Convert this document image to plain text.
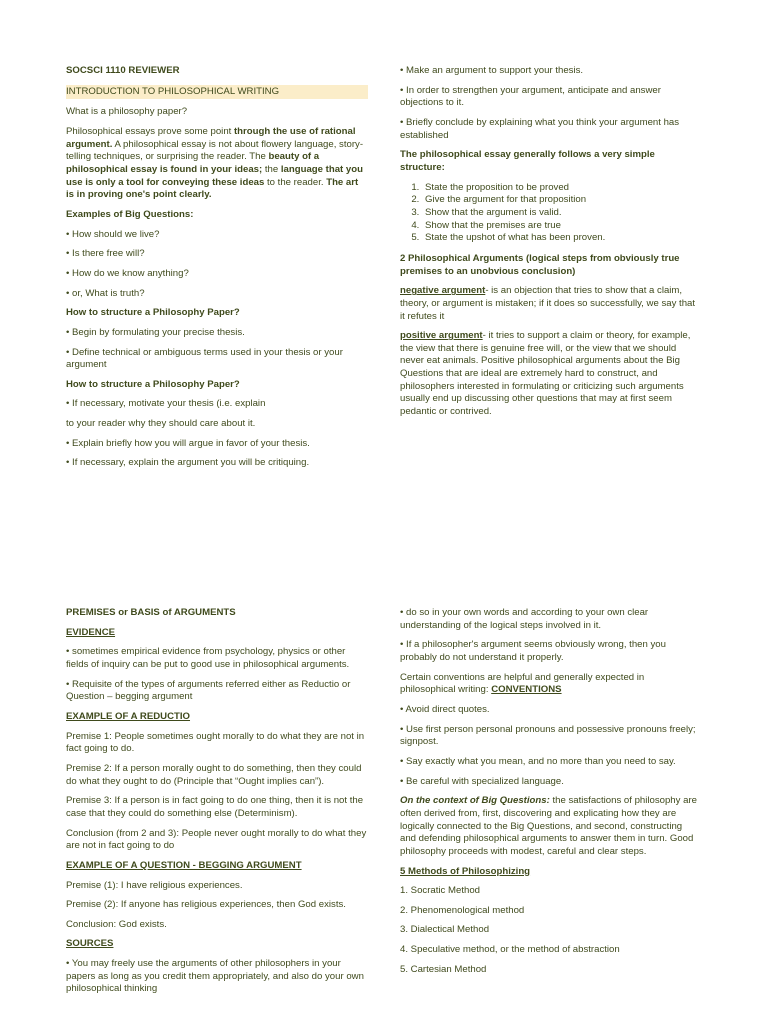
SOCSCI 1110 REVIEWER

INTRODUCTION TO PHILOSOPHICAL WRITING

What is a philosophy paper?

Philosophical essays prove some point through the use of rational argument. A philosophical essay is not about flowery language, story-telling techniques, or surprising the reader. The beauty of a philosophical essay is found in your ideas; the language that you use is only a tool for conveying these ideas to the reader. The art is in proving one's point clearly.

Examples of Big Questions:

• How should we live?

• Is there free will?

• How do we know anything?

• or, What is truth?

How to structure a Philosophy Paper?

• Begin by formulating your precise thesis.

• Define technical or ambiguous terms used in your thesis or your argument

How to structure a Philosophy Paper?

• If necessary, motivate your thesis (i.e. explain

to your reader why they should care about it.

• Explain briefly how you will argue in favor of your thesis.

• If necessary, explain the argument you will be critiquing.

• Make an argument to support your thesis.

• In order to strengthen your argument, anticipate and answer objections to it.

• Briefly conclude by explaining what you think your argument has established

The philosophical essay generally follows a very simple structure:

1. State the proposition to be proved
2. Give the argument for that proposition
3. Show that the argument is valid.
4. Show that the premises are true
5. State the upshot of what has been proven.

2 Philosophical Arguments (logical steps from obviously true premises to an unobvious conclusion)

negative argument- is an objection that tries to show that a claim, theory, or argument is mistaken; if it does so successfully, we say that it refutes it

positive argument- it tries to support a claim or theory, for example, the view that there is genuine free will, or the view that we should never eat animals. Positive philosophical arguments about the Big Questions that are ideal are extremely hard to construct, and philosophers interested in formulating or criticizing such arguments usually end up discussing other questions that may at first seem pedantic or contrived.

PREMISES or BASIS of ARGUMENTS

EVIDENCE

• sometimes empirical evidence from psychology, physics or other fields of inquiry can be put to good use in philosophical arguments.

• Requisite of the types of arguments referred either as Reductio or Question – begging argument

EXAMPLE OF A REDUCTIO

Premise 1: People sometimes ought morally to do what they are not in fact going to do.

Premise 2: If a person morally ought to do something, then they could do what they ought to do (Principle that “Ought implies can”).

Premise 3: If a person is in fact going to do one thing, then it is not the case that they could do something else (Determinism).

Conclusion (from 2 and 3): People never ought morally to do what they are not in fact going to do

EXAMPLE OF A QUESTION - BEGGING ARGUMENT

Premise (1): I have religious experiences.

Premise (2): If anyone has religious experiences, then God exists.

Conclusion: God exists.

SOURCES

• You may freely use the arguments of other philosophers in your papers as long as you credit them appropriately, and also do your own philosophical thinking

• do so in your own words and according to your own clear understanding of the logical steps involved in it.

• If a philosopher's argument seems obviously wrong, then you probably do not understand it properly.

Certain conventions are helpful and generally expected in philosophical writing: CONVENTIONS

• Avoid direct quotes.

• Use first person personal pronouns and possessive pronouns freely; signpost.

• Say exactly what you mean, and no more than you need to say.

• Be careful with specialized language.

On the context of Big Questions: the satisfactions of philosophy are often derived from, first, discovering and explicating how they are logically connected to the Big Questions, and second, constructing and defending philosophical arguments to answer them in turn. Good philosophy proceeds with modest, careful and clear steps.

5 Methods of Philosophizing

1. Socratic Method

2. Phenomenological method

3. Dialectical Method

4. Speculative method, or the method of abstraction

5. Cartesian Method
